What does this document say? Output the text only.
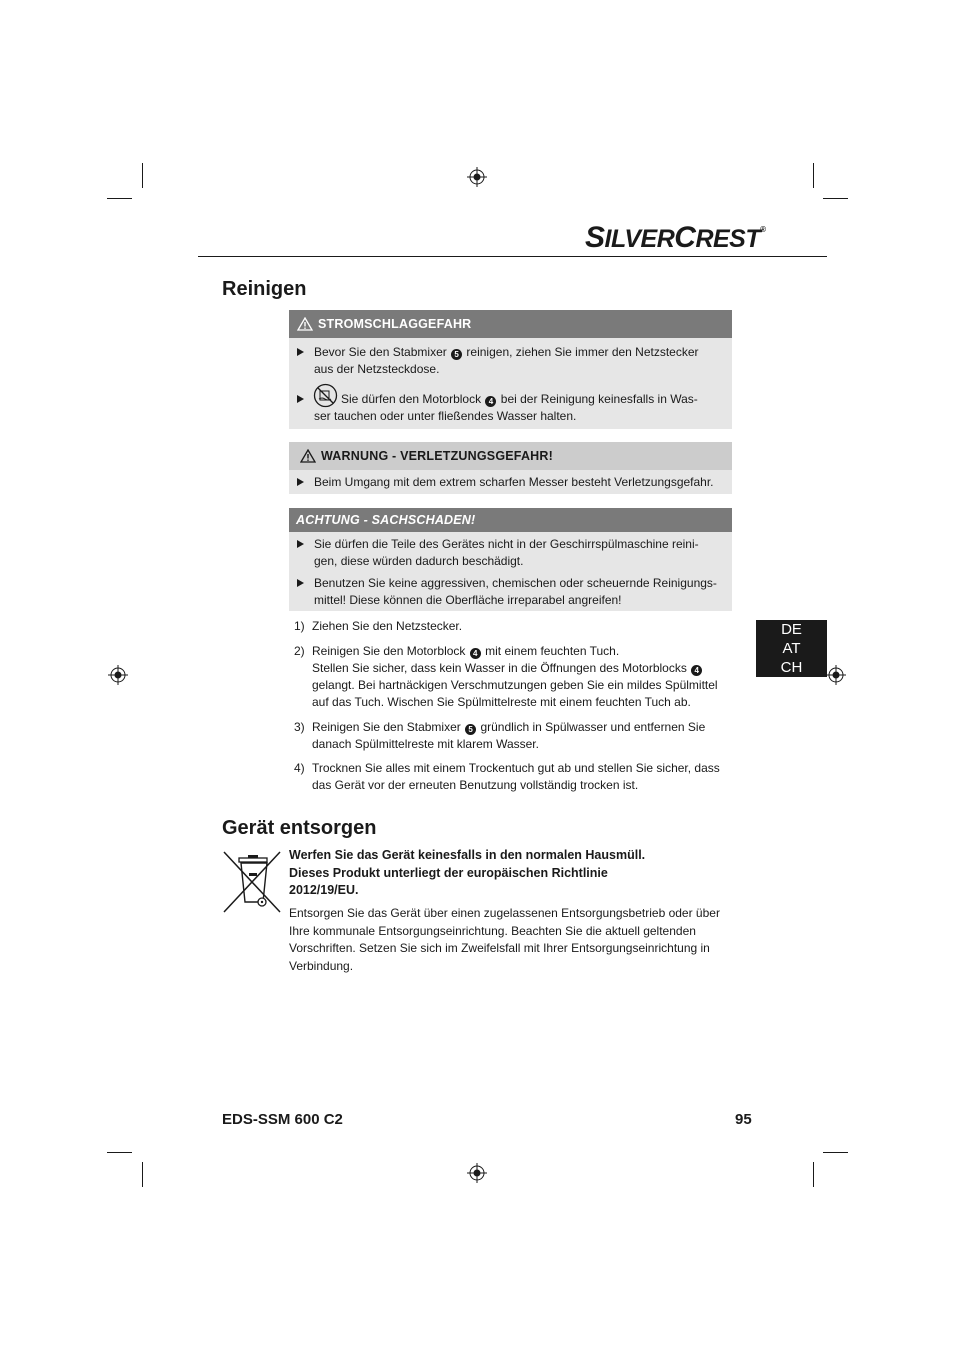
SILVERCREST®
Reinigen
STROMSCHLAGGEFAHR
Bevor Sie den Stabmixer 5 reinigen, ziehen Sie immer den Netzstecker
aus der Netzsteckdose.
Sie dürfen den Motorblock 4 bei der Reinigung keinesfalls in Was-
ser tauchen oder unter fließendes Wasser halten.
WARNUNG - VERLETZUNGSGEFAHR!
Beim Umgang mit dem extrem scharfen Messer besteht Verletzungsgefahr.
ACHTUNG - SACHSCHADEN!
Sie dürfen die Teile des Gerätes nicht in der Geschirrspülmaschine reini-
gen, diese würden dadurch beschädigt.
Benutzen Sie keine aggressiven, chemischen oder scheuernde Reinigungs-
mittel! Diese können die Oberfläche irreparabel angreifen!
1) Ziehen Sie den Netzstecker.
2) Reinigen Sie den Motorblock 4 mit einem feuchten Tuch.
Stellen Sie sicher, dass kein Wasser in die Öffnungen des Motorblocks 4
gelangt. Bei hartnäckigen Verschmutzungen geben Sie ein mildes Spülmittel
auf das Tuch. Wischen Sie Spülmittelreste mit einem feuchten Tuch ab.
3) Reinigen Sie den Stabmixer 5 gründlich in Spülwasser und entfernen Sie
danach Spülmittelreste mit klarem Wasser.
4) Trocknen Sie alles mit einem Trockentuch gut ab und stellen Sie sicher, dass
das Gerät vor der erneuten Benutzung vollständig trocken ist.
DE
AT
CH
Gerät entsorgen
Werfen Sie das Gerät keinesfalls in den normalen Hausmüll.
Dieses Produkt unterliegt der europäischen Richtlinie
2012/19/EU.
Entsorgen Sie das Gerät über einen zugelassenen Entsorgungsbetrieb oder über
Ihre kommunale Entsorgungseinrichtung. Beachten Sie die aktuell geltenden
Vorschriften. Setzen Sie sich im Zweifelsfall mit Ihrer Entsorgungseinrichtung in
Verbindung.
EDS-SSM 600 C2	95
